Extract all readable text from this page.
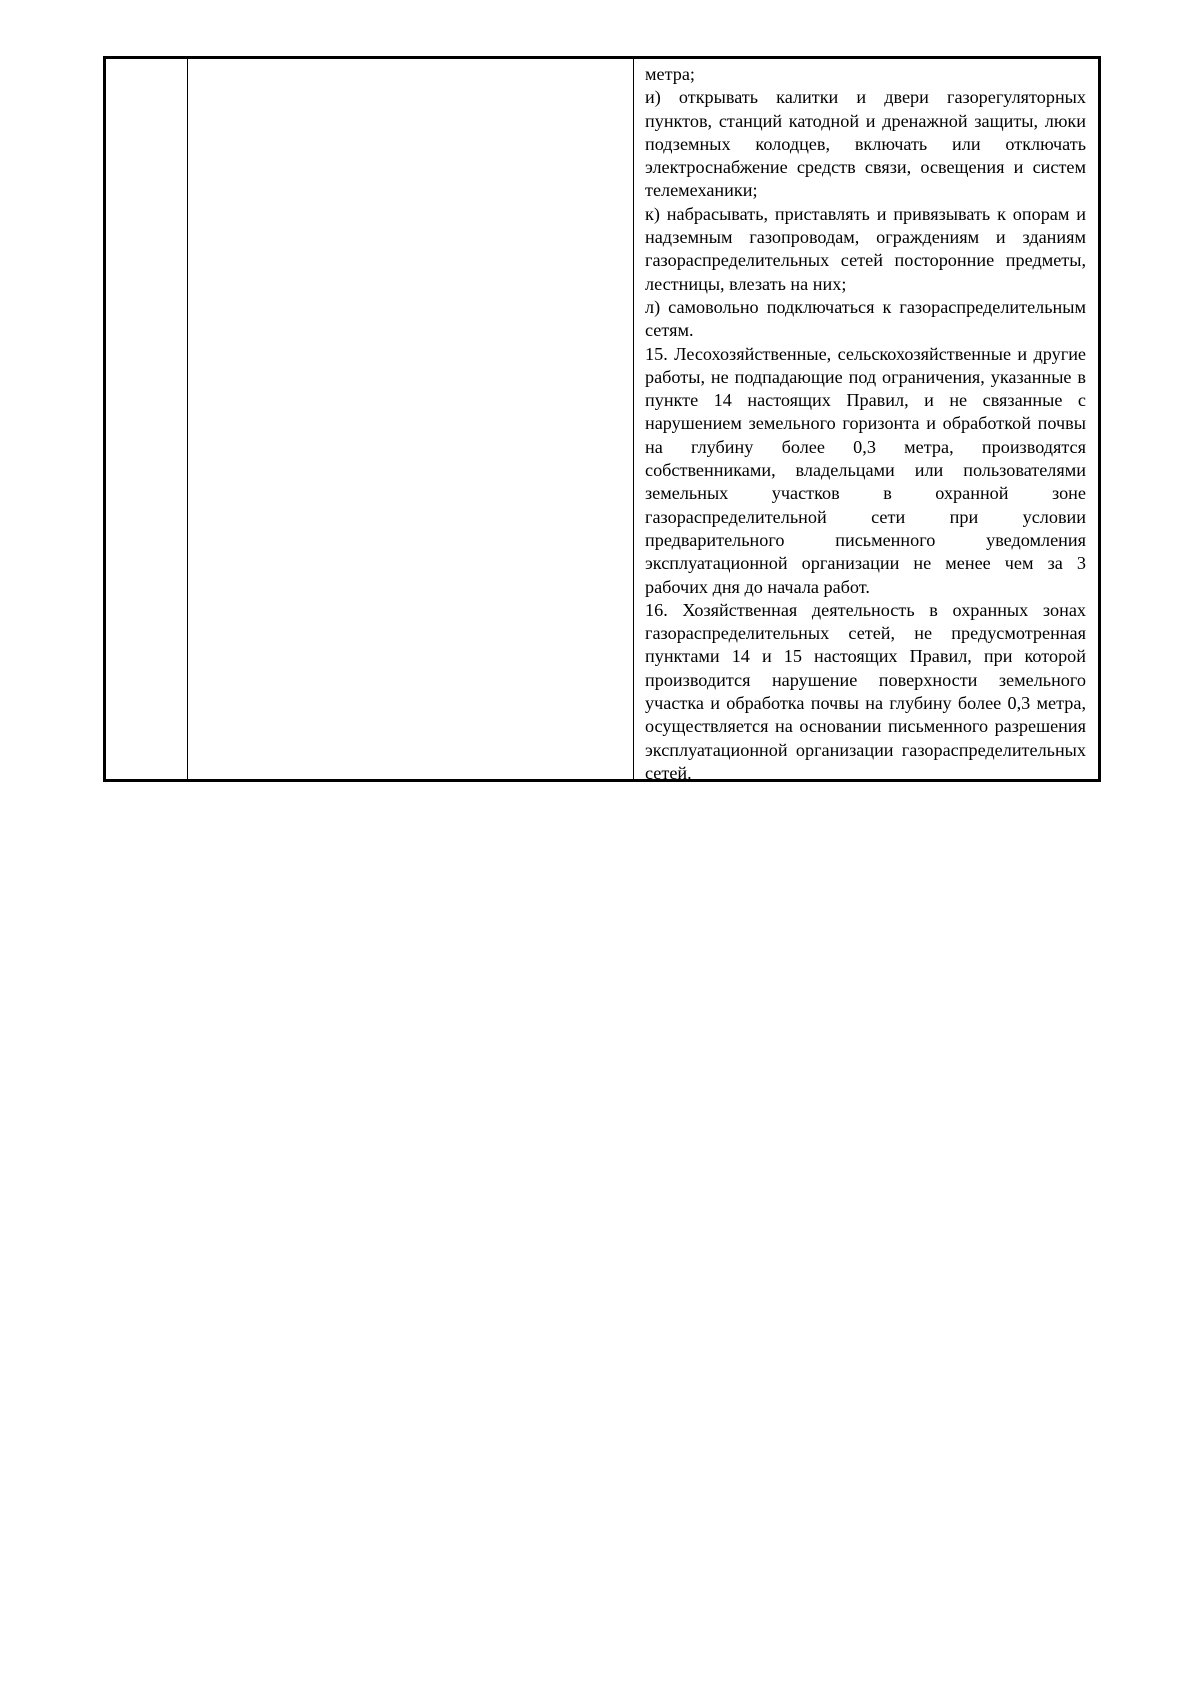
метра;

и) открывать калитки и двери газорегуляторных пунктов, станций катодной и дренажной защиты, люки подземных колодцев, включать или отключать электроснабжение средств связи, освещения и систем телемеханики;

к) набрасывать, приставлять и привязывать к опорам и надземным газопроводам, ограждениям и зданиям газораспределительных сетей посторонние предметы, лестницы, влезать на них;

л) самовольно подключаться к газораспределительным сетям.

15. Лесохозяйственные, сельскохозяйственные и другие работы, не подпадающие под ограничения, указанные в пункте 14 настоящих Правил, и не связанные с нарушением земельного горизонта и обработкой почвы на глубину более 0,3 метра, производятся собственниками, владельцами или пользователями земельных участков в охранной зоне газораспределительной сети при условии предварительного письменного уведомления эксплуатационной организации не менее чем за 3 рабочих дня до начала работ.

16. Хозяйственная деятельность в охранных зонах газораспределительных сетей, не предусмотренная пунктами 14 и 15 настоящих Правил, при которой производится нарушение поверхности земельного участка и обработка почвы на глубину более 0,3 метра, осуществляется на основании письменного разрешения эксплуатационной организации газораспределительных сетей.
